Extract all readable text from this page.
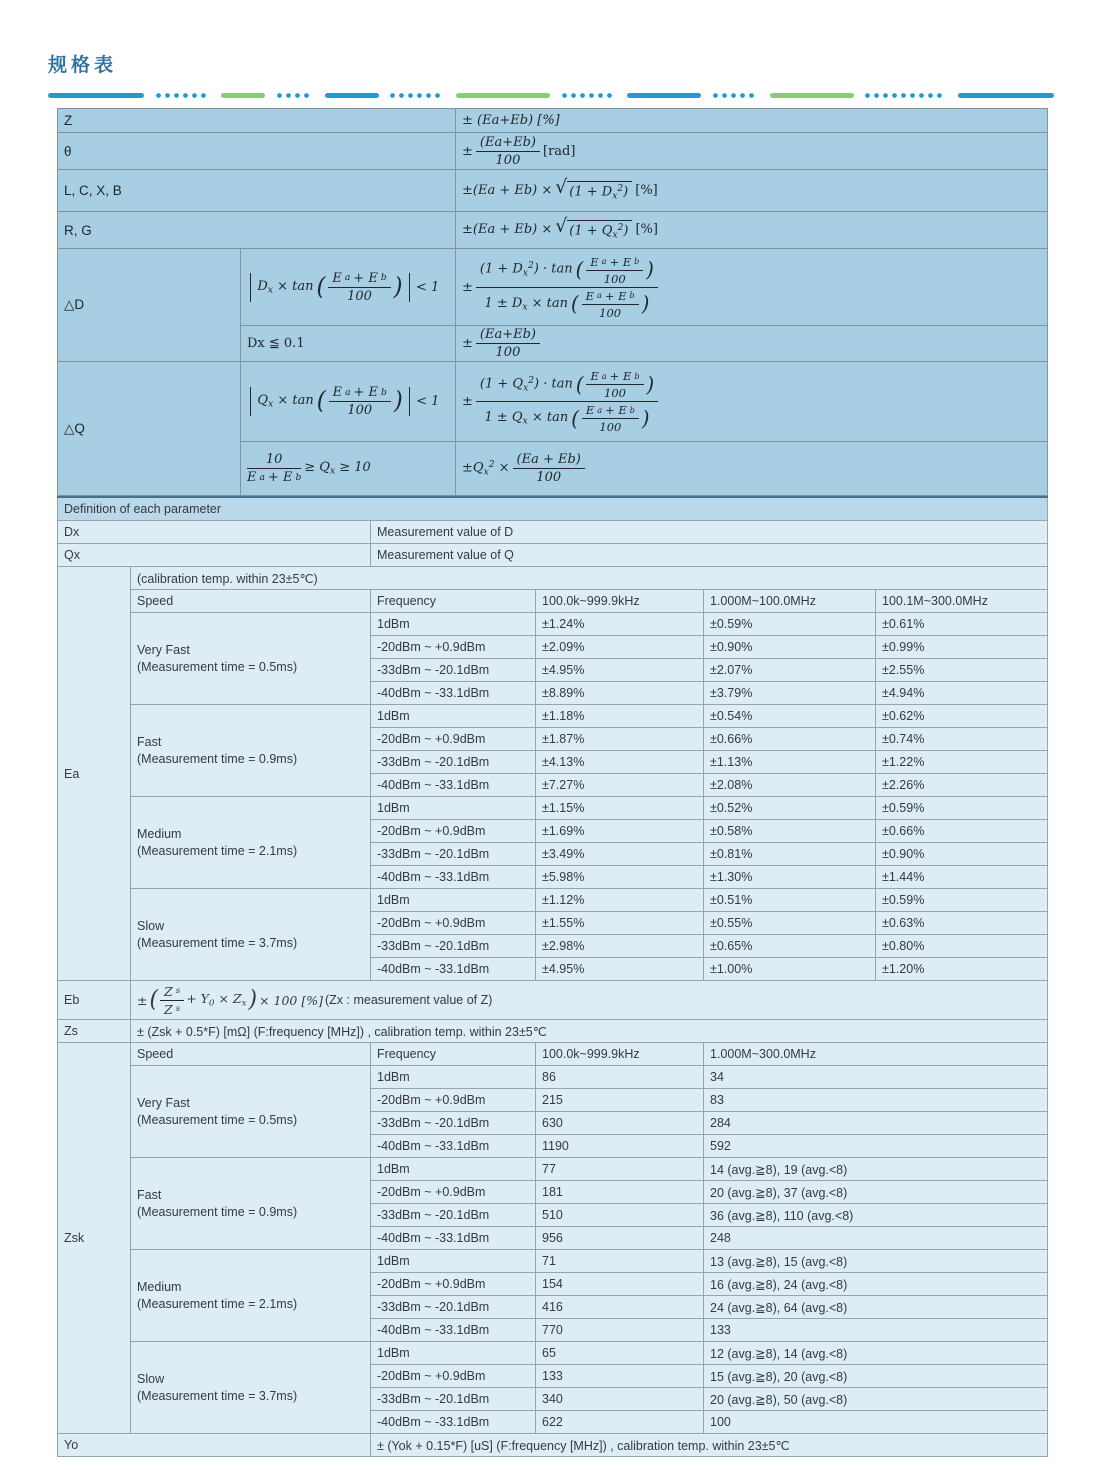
规格表
Z		± (Ea+Eb) [%]
θ		± $\frac{(Ea+Eb)}{100} [rad]$

L, C, X, B		±(Ea + Eb) × √ $(1 + D_x^2)$ [%]

R, G		±(Ea + Eb) × √ $(1 + Q_x^2)$ [%]

△D	
$D_x \times \tan$ ( $\frac{\text{E a + E b}}{100}$ ) < 1	±
$(1 + D_x^2) \cdot \tan$ ( $\frac{\text{E a + E b}}{100}$ )
$1 \pm D_x \times \tan$ ( $\frac{\text{E a + E b}}{100}$ )

	Dx ≦ 0.1	± $\frac{(Ea+Eb)}{100}$

△Q	
$Q_x \times \tan$ ( $\frac{\text{E a + E b}}{100}$ ) < 1	±
$(1 + Q_x^2) \cdot \tan$ ( $\frac{\text{E a + E b}}{100}$ )
$1 \pm Q_x \times \tan$ ( $\frac{\text{E a + E b}}{100}$ )

$\frac{10}{\text{E a + E b}} \ge Q_x \ge 10$	$\pm Q_x^2 \times \frac{(Ea + Eb)}{100}$
Definition of each parameter					
Dx		Measurement value of D			
Qx		Measurement value of Q			
Ea	(calibration temp. within 23±5℃)				
	Speed	Frequency	100.0k~999.9kHz	1.000M~100.0MHz	100.1M~300.0MHz

	Very Fast
(Measurement time = 0.5ms)	1dBm	±1.24%	±0.59%	±0.61%
		-20dBm ~ +0.9dBm	±2.09%	±0.90%	±0.99%
		-33dBm ~ -20.1dBm	±4.95%	±2.07%	±2.55%
		-40dBm ~ -33.1dBm	±8.89%	±3.79%	±4.94%

	Fast
(Measurement time = 0.9ms)	1dBm	±1.18%	±0.54%	±0.62%
		-20dBm ~ +0.9dBm	±1.87%	±0.66%	±0.74%
		-33dBm ~ -20.1dBm	±4.13%	±1.13%	±1.22%
		-40dBm ~ -33.1dBm	±7.27%	±2.08%	±2.26%

	Medium
(Measurement time = 2.1ms)	1dBm	±1.15%	±0.52%	±0.59%
		-20dBm ~ +0.9dBm	±1.69%	±0.58%	±0.66%
		-33dBm ~ -20.1dBm	±3.49%	±0.81%	±0.90%
		-40dBm ~ -33.1dBm	±5.98%	±1.30%	±1.44%

	Slow
(Measurement time = 3.7ms)	1dBm	±1.12%	±0.51%	±0.59%
		-20dBm ~ +0.9dBm	±1.55%	±0.55%	±0.63%
		-33dBm ~ -20.1dBm	±2.98%	±0.65%	±0.80%
		-40dBm ~ -33.1dBm	±4.95%	±1.00%	±1.20%
Eb	± ( $\frac{\text{Z s}}{\text{Z s}} + Y_0 \times Z_x$ ) × 100 [%] (Zx : measurement value of Z)

Zs	± (Zsk + 0.5*F) [mΩ] (F:frequency [MHz]) , calibration temp. within 23±5℃				
Zsk	Speed	Frequency	100.0k~999.9kHz	1.000M~300.0MHz	

	Very Fast
(Measurement time = 0.5ms)	1dBm	86	34	
		-20dBm ~ +0.9dBm	215	83	
		-33dBm ~ -20.1dBm	630	284	
		-40dBm ~ -33.1dBm	1190	592	

	Fast
(Measurement time = 0.9ms)	1dBm	77	14 (avg.≧8), 19 (avg.<8)	
		-20dBm ~ +0.9dBm	181	20 (avg.≧8), 37 (avg.<8)	
		-33dBm ~ -20.1dBm	510	36 (avg.≧8), 110 (avg.<8)	
		-40dBm ~ -33.1dBm	956	248	

	Medium
(Measurement time = 2.1ms)	1dBm	71	13 (avg.≧8), 15 (avg.<8)	
		-20dBm ~ +0.9dBm	154	16 (avg.≧8), 24 (avg.<8)	
		-33dBm ~ -20.1dBm	416	24 (avg.≧8), 64 (avg.<8)	
		-40dBm ~ -33.1dBm	770	133	

	Slow
(Measurement time = 3.7ms)	1dBm	65	12 (avg.≧8), 14 (avg.<8)	
		-20dBm ~ +0.9dBm	133	15 (avg.≧8), 20 (avg.<8)	
		-33dBm ~ -20.1dBm	340	20 (avg.≧8), 50 (avg.<8)	
		-40dBm ~ -33.1dBm	622	100	
Yo		± (Yok + 0.15*F) [uS] (F:frequency [MHz]) , calibration temp. within 23±5℃			
